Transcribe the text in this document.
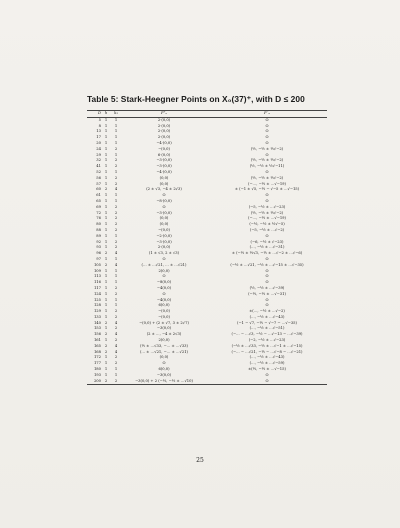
Table 5: Stark-Heegner Points on X₀(37)⁺, with D ≤ 200
D	h	k₃	P⁺ₙ	P⁻ₙ
5	1	1	2·(0,0)	O
8	1	1	2·(0,0)	O
13	1	1	2·(0,0)	O
17	1	1	2·(0,0)	O
20	1	1	−4·(0,0)	O
24	1	2	−(0,0)	(½, −½ ± ½√−2)
29	1	1	6·(0,0)	O
32	1	2	−3·(0,0)	(½, −½ ± ½√−2)
41	1	2	−3·(0,0)	(½, −½ ± ½√−11)
52	1	1	−4·(0,0)	O
56	1	2	(0,0)	(½, −½ ± ½√−2)
57	1	2	(0,0)	(−…, −½ ± …√−19)
60	2	4	(2 ± √3, −4 ± 2√3)	± (−1 ± √5, −½ − √−5 ± …√−15)
61	1	1	O	O
65	1	1	−8·(0,0)	O
69	1	2	O	(−5, −½ ± …√−23)
72	1	2	−3·(0,0)	(½, −½ ± ½√−2)
76	1	2	(0,0)	(−…, −½ ± …√−19)
80	1	2	(0,0)	(−½, −½ ± ½√−5)
88	1	2	−(0,0)	(−5, −½ ± …√−2)
89	1	1	−2·(0,0)	O
92	1	2	−3·(0,0)	(−6, −½ ± √−23)
93	1	2	2·(0,0)	(…, −½ ± …√−31)
96	2	4	(1 ± √3, 2 ± √3)	± (−½ ± ½√3, −½ ± …√−2 ± …√−6)
97	1	1	O	O
105	2	4	(… ± …√21, … ± …√21)	(−½ ± …√21, −½ ± …√−15 ± …√−35)
109	1	1	2(0,0)	O
113	1	1	O	O
116	1	1	−8(0,0)	O
117	1	2	−4(0,0)	(½, −½ ± …√−39)
124	1	2	O	(−½, −½ ± …√−31)
125	1	1	−4(0,0)	O
128	1	1	6(0,0)	O
129	1	2	−(0,0)	±(…, −½ ± …√−2)
133	1	2	−(0,0)	(…, −½ ± …√−43)
140	2	4	−(0,0) + (2 ± √7, 3 ± 2√7)	(−1 − √7, −½ − √−7 − …√−35)
153	1	2	−3(0,0)	(…, −½ ± …√−51)
156	2	4	(2 ± …, −4 ± 2√3)	(−… − …√3, −½ − …√−13 − …√−39)
161	1	2	2(0,0)	(−2, −½ ± …√−23)
165	2	4	(½ ± …√33, −… ± …√33)	(−½ ± …√33, −½ ± …√−1 ± …√−15)
168	2	4	(… ± …√21, −… ± …√21)	(−… − …√21, −½ − …√−8 − …√−21)
172	1	2	(0,0)	(…, −½ ± …√−43)
177	1	2	O	(…, −½ ± …√−59)
180	1	1	6(0,0)	±(½, −½ ± …√−15)
193	1	1	−3(0,0)	O
200	2	2	−3(0,0) + 2 (−½, −½ ± …√10)	O
25
